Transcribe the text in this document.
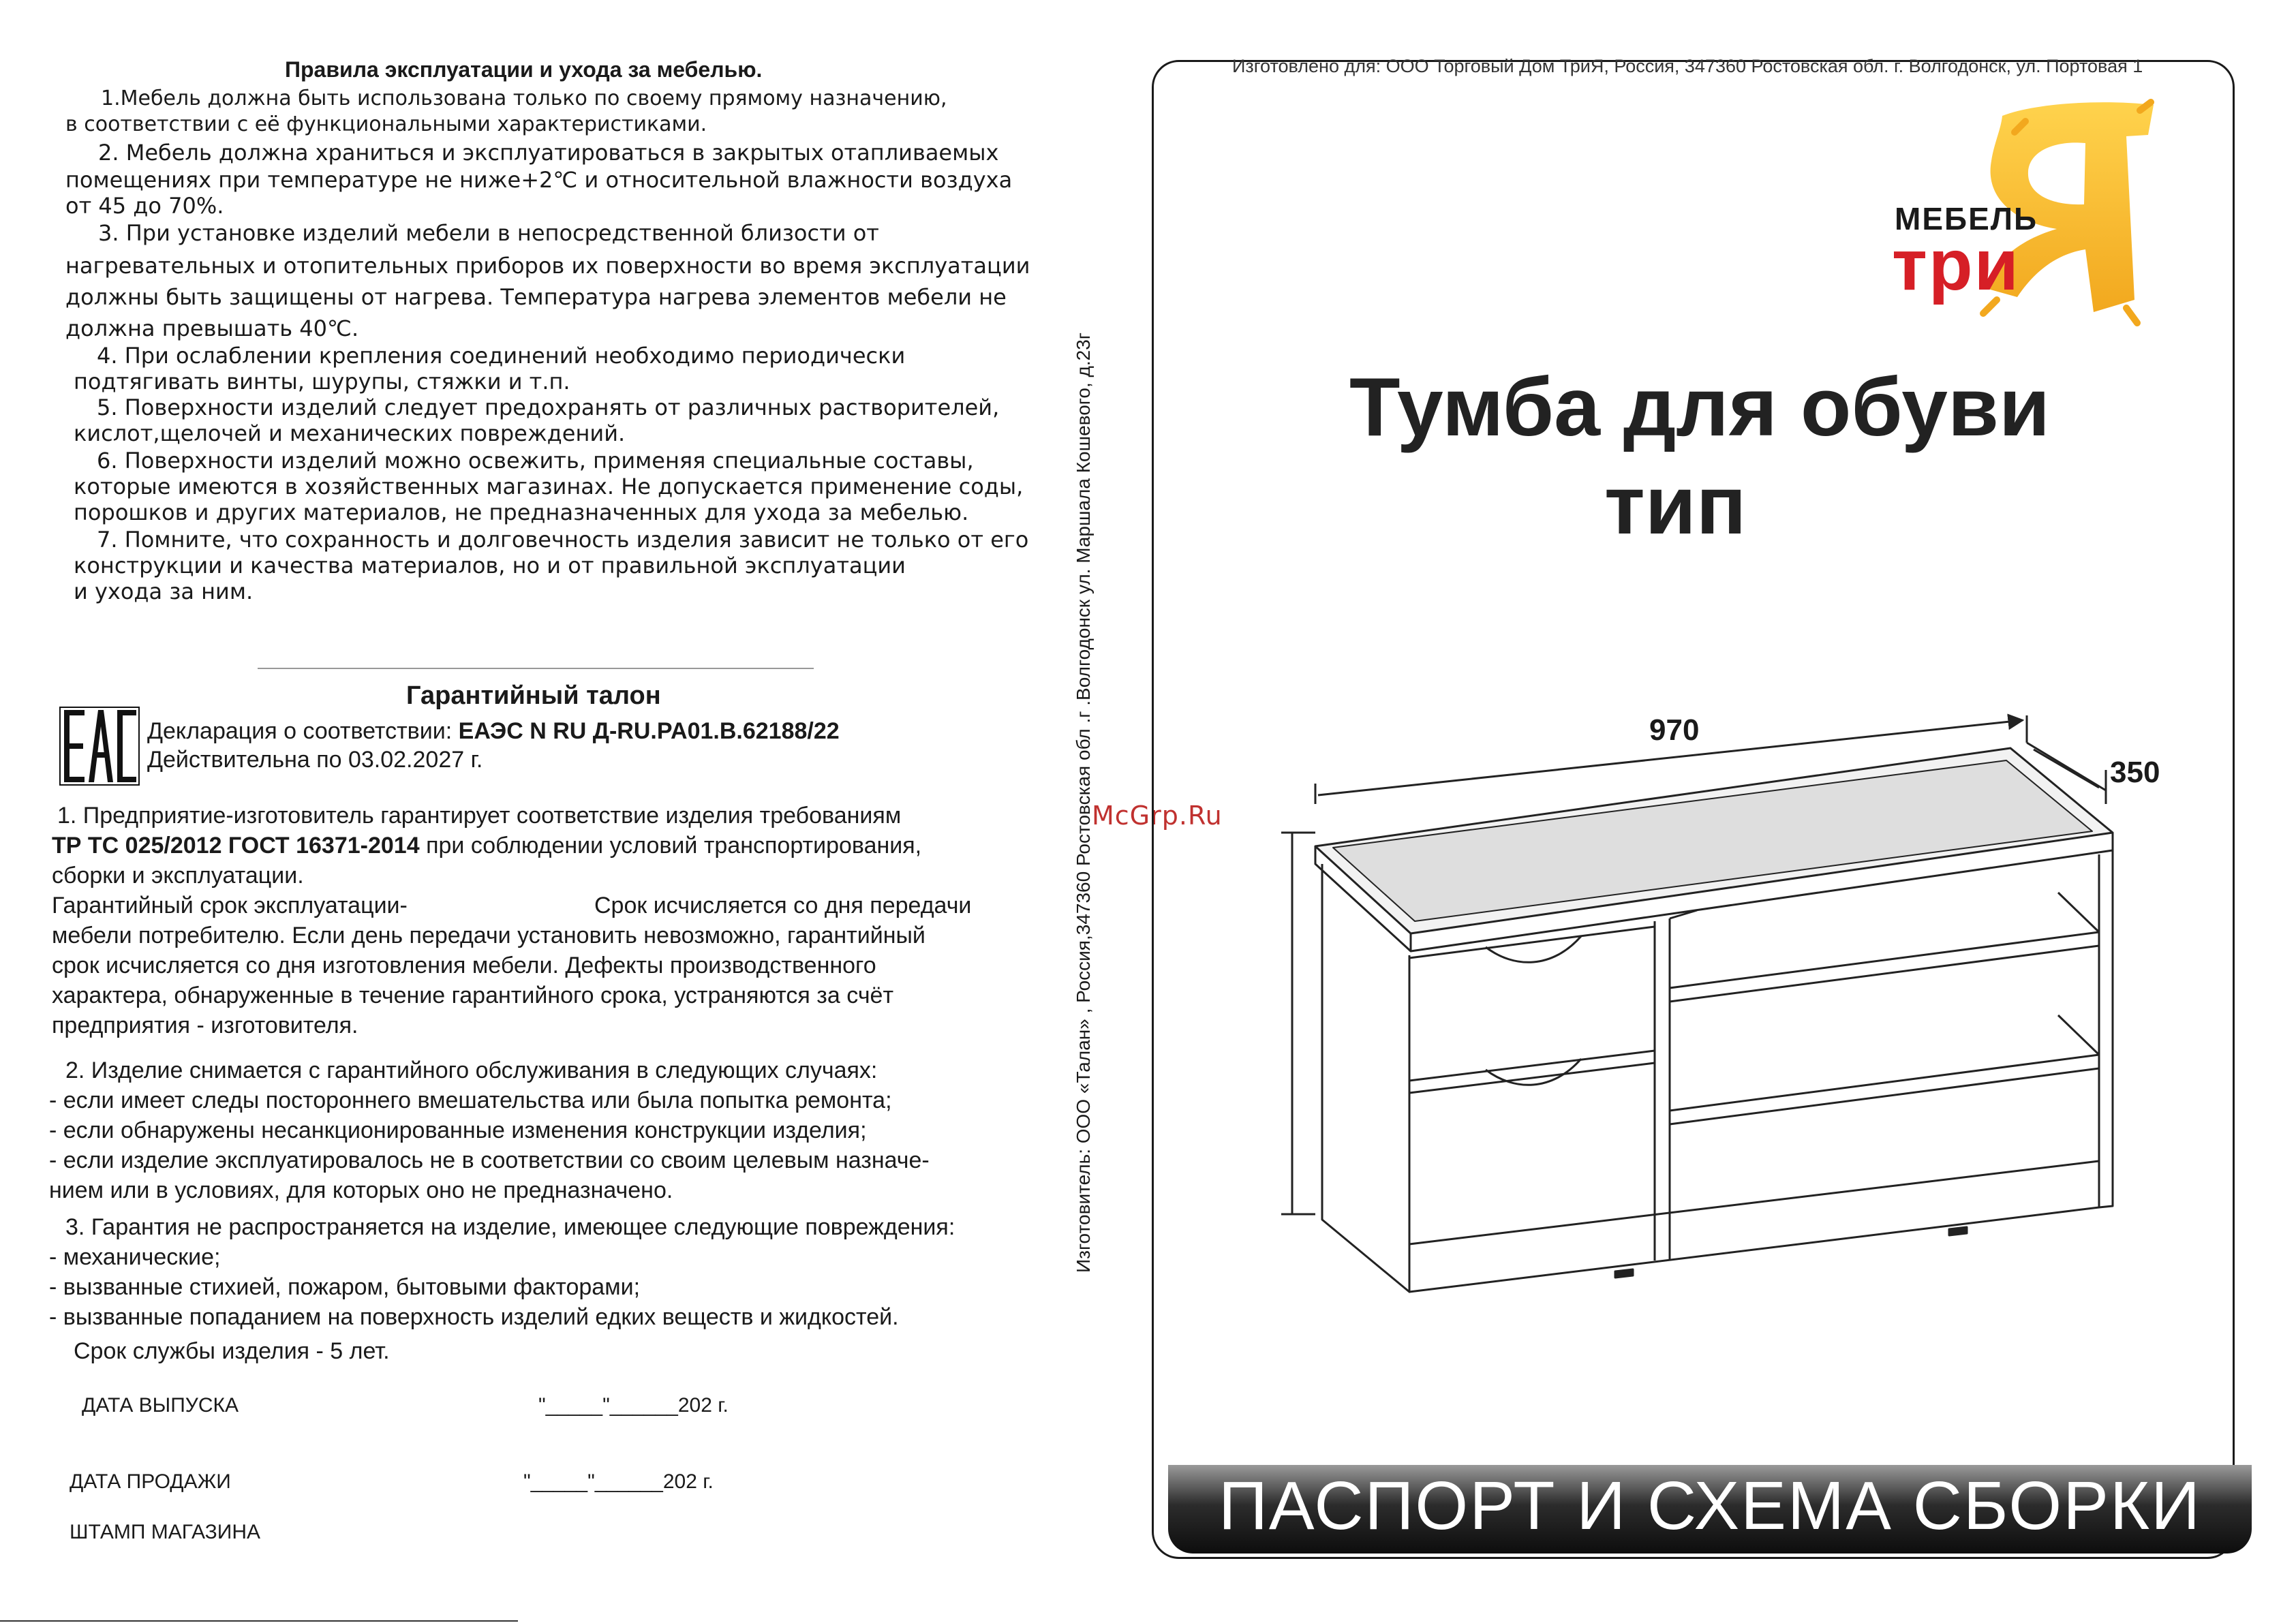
Правила эксплуатации и ухода за мебелью.
1.Мебель должна быть использована только по своему прямому назначению,
в соответствии с её функциональными характеристиками.
2. Мебель должна храниться и эксплуатироваться в закрытых отапливаемых
помещениях при температуре не ниже+2℃ и относительной влажности воздуха
от 45 до 70%.
3. При установке изделий мебели в непосредственной близости от
нагревательных и отопительных приборов их поверхности во время эксплуатации
должны быть защищены от нагрева. Температура нагрева элементов мебели не
должна превышать 40℃.
4. При ослаблении крепления соединений необходимо периодически
подтягивать винты, шурупы, стяжки и т.п.
5. Поверхности изделий следует предохранять от различных растворителей,
кислот,щелочей и механических повреждений.
6. Поверхности изделий можно освежить, применяя специальные составы,
которые имеются в хозяйственных магазинах. Не допускается применение соды,
порошков и других материалов, не предназначенных для ухода за мебелью.
7. Помните, что сохранность и долговечность изделия зависит не только от его
конструкции и качества материалов, но и от правильной эксплуатации
и ухода за ним.
Гарантийный талон
EAC
Декларация о соответствии: ЕАЭС N RU Д-RU.PA01.B.62188/22
Действительна по 03.02.2027 г.
1. Предприятие-изготовитель гарантирует соответствие изделия требованиям
ТР ТС 025/2012 ГОСТ 16371-2014 при соблюдении условий транспортирования,
сборки и эксплуатации.
Гарантийный срок эксплуатации-	Срок исчисляется со дня передачи
мебели потребителю. Если день передачи установить невозможно, гарантийный
срок исчисляется со дня изготовления мебели. Дефекты производственного
характера, обнаруженные в течение гарантийного срока, устраняются за счёт
предприятия - изготовителя.
2. Изделие снимается с гарантийного обслуживания в следующих случаях:
- если имеет следы постороннего вмешательства или была попытка ремонта;
- если обнаружены несанкционированные изменения конструкции изделия;
- если изделие эксплуатировалось не в соответствии со своим целевым назначе-
нием или в условиях, для которых оно не предназначено.
3. Гарантия не распространяется на изделие, имеющее следующие повреждения:
- механические;
- вызванные стихией, пожаром, бытовыми факторами;
- вызванные попаданием на поверхность изделий едких веществ и жидкостей.
Срок службы изделия - 5 лет.
ДАТА ВЫПУСКА	"_____"______202 г.
ДАТА ПРОДАЖИ	"_____"______202 г.
ШТАМП МАГАЗИНА
Изготовитель: ООО «Талан» , Россия,347360 Ростовская обл .г .Волгодонск ул. Маршала Кошевого, д.23г
McGrp.Ru
Изготовлено для: ООО Торговый Дом ТриЯ, Россия, 347360 Ростовская обл. г. Волгодонск, ул. Портовая 1
МЕБЕЛЬ
три
Тумба для обуви
тип
970
350
ПАСПОРТ И СХЕМА СБОРКИ
